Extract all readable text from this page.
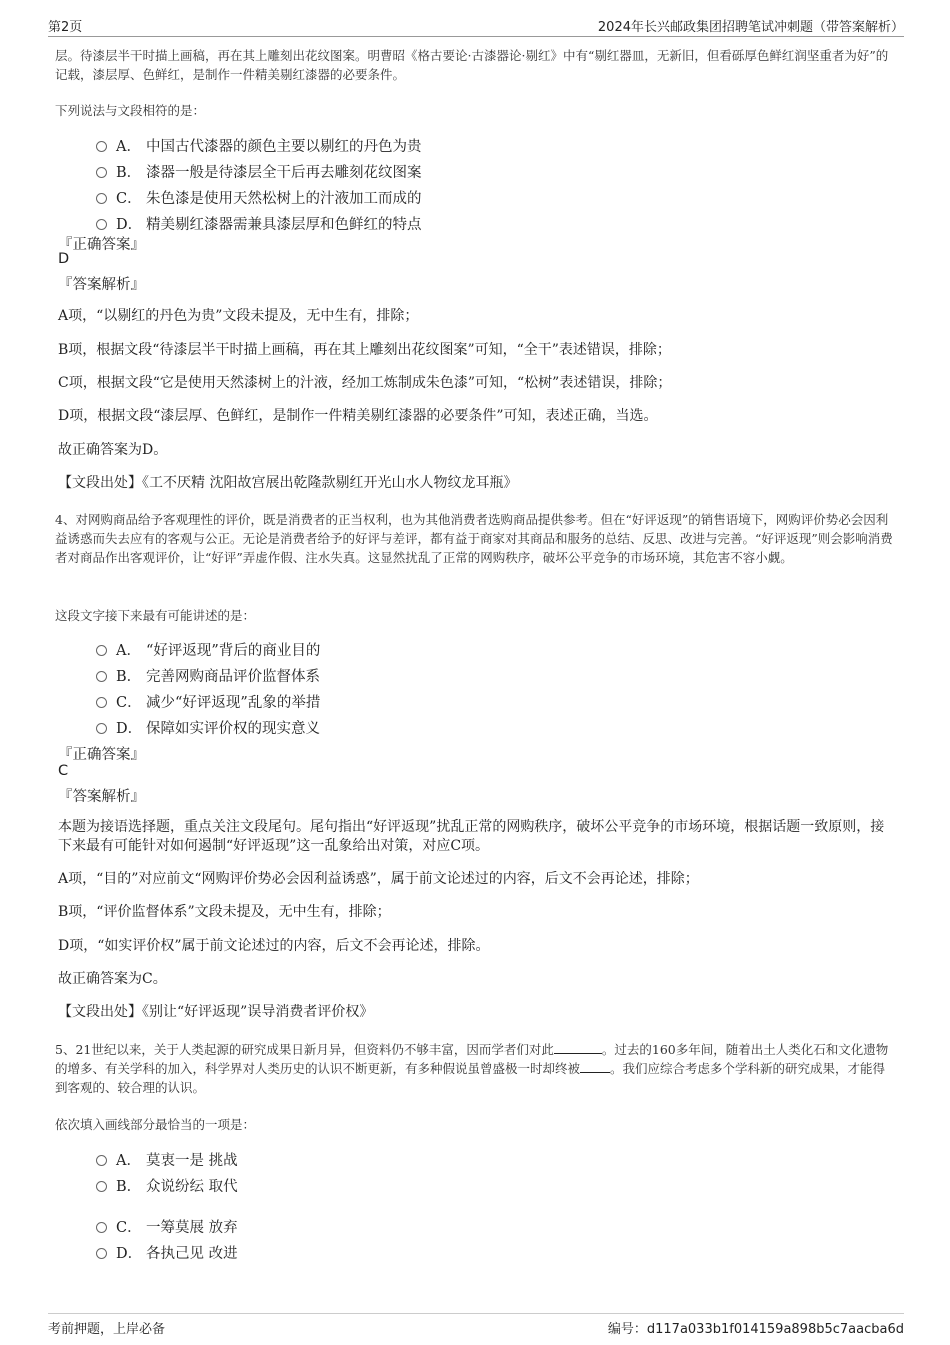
第2页	2024年长兴邮政集团招聘笔试冲刺题（带答案解析）
层。待漆层半干时描上画稿，再在其上雕刻出花纹图案。明曹昭《格古要论·古漆器论·剔红》中有“剔红器皿，无新旧，但看砾厚色鲜红润坚重者为好”的记载，漆层厚、色鲜红，是制作一件精美剔红漆器的必要条件。
下列说法与文段相符的是：
A． 中国古代漆器的颜色主要以剔红的丹色为贵
B． 漆器一般是待漆层全干后再去雕刻花纹图案
C． 朱色漆是使用天然松树上的汁液加工而成的
D． 精美剔红漆器需兼具漆层厚和色鲜红的特点
『正确答案』
D
『答案解析』
A项，“以剔红的丹色为贵”文段未提及，无中生有，排除；
B项，根据文段“待漆层半干时描上画稿，再在其上雕刻出花纹图案”可知，“全干”表述错误，排除；
C项，根据文段“它是使用天然漆树上的汁液，经加工炼制成朱色漆”可知，“松树”表述错误，排除；
D项，根据文段“漆层厚、色鲜红，是制作一件精美剔红漆器的必要条件”可知，表述正确，当选。
故正确答案为D。
【文段出处】《工不厌精 沈阳故宫展出乾隆款剔红开光山水人物纹龙耳瓶》
4、对网购商品给予客观理性的评价，既是消费者的正当权利，也为其他消费者选购商品提供参考。但在“好评返现”的销售语境下，网购评价势必会因利益诱惑而失去应有的客观与公正。无论是消费者给予的好评与差评，都有益于商家对其商品和服务的总结、反思、改进与完善。“好评返现”则会影响消费者对商品作出客观评价，让“好评”弄虚作假、注水失真。这显然扰乱了正常的网购秩序，破坏公平竞争的市场环境，其危害不容小觑。
这段文字接下来最有可能讲述的是：
A． “好评返现”背后的商业目的
B． 完善网购商品评价监督体系
C． 减少“好评返现”乱象的举措
D． 保障如实评价权的现实意义
『正确答案』
C
『答案解析』
本题为接语选择题，重点关注文段尾句。尾句指出“好评返现”扰乱正常的网购秩序，破坏公平竞争的市场环境，根据话题一致原则，接下来最有可能针对如何遏制“好评返现”这一乱象给出对策，对应C项。
A项，“目的”对应前文“网购评价势必会因利益诱惑”，属于前文论述过的内容，后文不会再论述，排除；
B项，“评价监督体系”文段未提及，无中生有，排除；
D项，“如实评价权”属于前文论述过的内容，后文不会再论述，排除。
故正确答案为C。
【文段出处】《别让“好评返现”误导消费者评价权》
5、21世纪以来，关于人类起源的研究成果日新月异，但资料仍不够丰富，因而学者们对此	。过去的160多年间，随着出土人类化石和文化遗物的增多、有关学科的加入，科学界对人类历史的认识不断更新，有多种假说虽曾盛极一时却终被 。我们应综合考虑多个学科新的研究成果，才能得到客观的、较合理的认识。
依次填入画线部分最恰当的一项是：
A． 莫衷一是 挑战
B． 众说纷纭 取代
C． 一筹莫展 放弃
D． 各执己见 改进
考前押题，上岸必备	编号：d117a033b1f014159a898b5c7aacba6d
